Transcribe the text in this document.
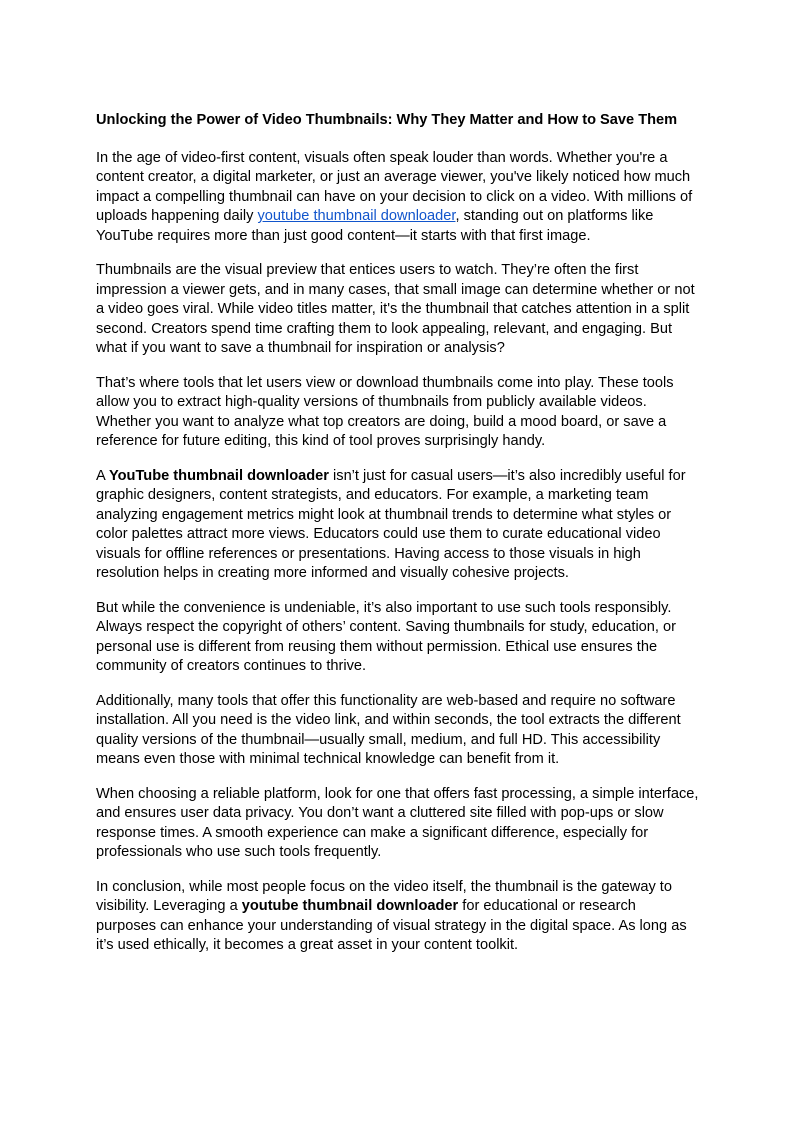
Unlocking the Power of Video Thumbnails: Why They Matter and How to Save Them

In the age of video-first content, visuals often speak louder than words. Whether you're a content creator, a digital marketer, or just an average viewer, you've likely noticed how much impact a compelling thumbnail can have on your decision to click on a video. With millions of uploads happening daily youtube thumbnail downloader, standing out on platforms like YouTube requires more than just good content—it starts with that first image.

Thumbnails are the visual preview that entices users to watch. They’re often the first impression a viewer gets, and in many cases, that small image can determine whether or not a video goes viral. While video titles matter, it's the thumbnail that catches attention in a split second. Creators spend time crafting them to look appealing, relevant, and engaging. But what if you want to save a thumbnail for inspiration or analysis?

That’s where tools that let users view or download thumbnails come into play. These tools allow you to extract high-quality versions of thumbnails from publicly available videos. Whether you want to analyze what top creators are doing, build a mood board, or save a reference for future editing, this kind of tool proves surprisingly handy.

A YouTube thumbnail downloader isn’t just for casual users—it’s also incredibly useful for graphic designers, content strategists, and educators. For example, a marketing team analyzing engagement metrics might look at thumbnail trends to determine what styles or color palettes attract more views. Educators could use them to curate educational video visuals for offline references or presentations. Having access to those visuals in high resolution helps in creating more informed and visually cohesive projects.

But while the convenience is undeniable, it’s also important to use such tools responsibly. Always respect the copyright of others’ content. Saving thumbnails for study, education, or personal use is different from reusing them without permission. Ethical use ensures the community of creators continues to thrive.

Additionally, many tools that offer this functionality are web-based and require no software installation. All you need is the video link, and within seconds, the tool extracts the different quality versions of the thumbnail—usually small, medium, and full HD. This accessibility means even those with minimal technical knowledge can benefit from it.

When choosing a reliable platform, look for one that offers fast processing, a simple interface, and ensures user data privacy. You don’t want a cluttered site filled with pop-ups or slow response times. A smooth experience can make a significant difference, especially for professionals who use such tools frequently.

In conclusion, while most people focus on the video itself, the thumbnail is the gateway to visibility. Leveraging a youtube thumbnail downloader for educational or research purposes can enhance your understanding of visual strategy in the digital space. As long as it’s used ethically, it becomes a great asset in your content toolkit.
